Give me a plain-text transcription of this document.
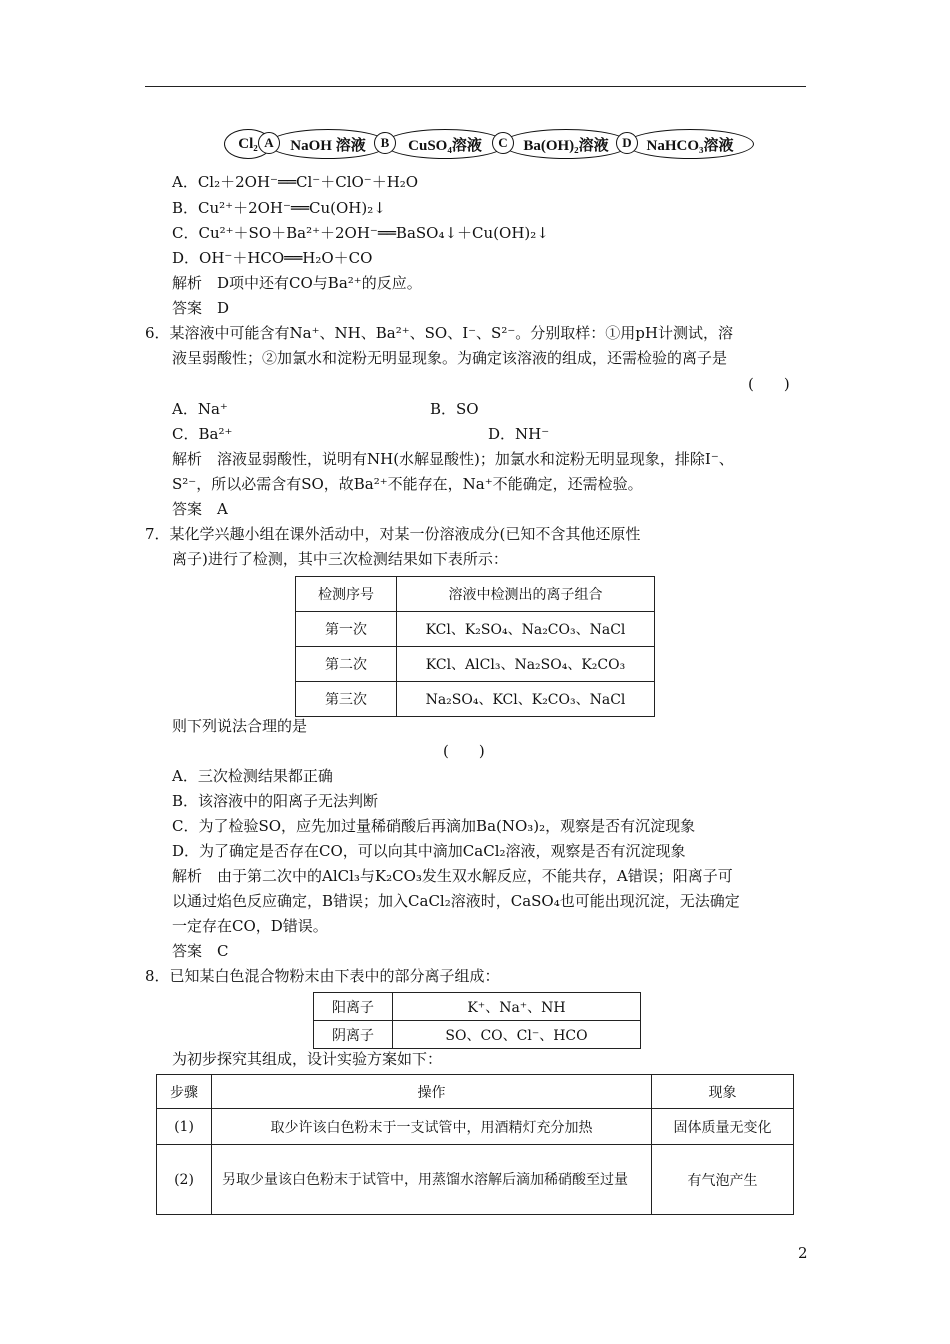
Cl₂	NaOH 溶液	CuSO₄溶液	Ba(OH)₂溶液	NaHCO₃溶液
A	B	C	D
A．Cl₂＋2OH⁻══Cl⁻＋ClO⁻＋H₂O
B．Cu²⁺＋2OH⁻══Cu(OH)₂↓
C．Cu²⁺＋SO＋Ba²⁺＋2OH⁻══BaSO₄↓＋Cu(OH)₂↓
D．OH⁻＋HCO══H₂O＋CO
解析　D项中还有CO与Ba²⁺的反应。
答案　D
6．某溶液中可能含有Na⁺、NH、Ba²⁺、SO、I⁻、S²⁻。分别取样：①用pH计测试，溶
液呈弱酸性；②加氯水和淀粉无明显现象。为确定该溶液的组成，还需检验的离子是
(　　)
A．Na⁺	B．SO
C．Ba²⁺	D．NH⁻
解析　溶液显弱酸性，说明有NH(水解显酸性)；加氯水和淀粉无明显现象，排除I⁻、
S²⁻，所以必需含有SO，故Ba²⁺不能存在，Na⁺不能确定，还需检验。
答案　A
7．某化学兴趣小组在课外活动中，对某一份溶液成分(已知不含其他还原性
离子)进行了检测，其中三次检测结果如下表所示：
检测序号	溶液中检测出的离子组合
第一次	KCl、K₂SO₄、Na₂CO₃、NaCl
第二次	KCl、AlCl₃、Na₂SO₄、K₂CO₃
第三次	Na₂SO₄、KCl、K₂CO₃、NaCl
则下列说法合理的是
(　　)
A．三次检测结果都正确
B．该溶液中的阳离子无法判断
C．为了检验SO，应先加过量稀硝酸后再滴加Ba(NO₃)₂，观察是否有沉淀现象
D．为了确定是否存在CO，可以向其中滴加CaCl₂溶液，观察是否有沉淀现象
解析　由于第二次中的AlCl₃与K₂CO₃发生双水解反应，不能共存，A错误；阳离子可
以通过焰色反应确定，B错误；加入CaCl₂溶液时，CaSO₄也可能出现沉淀，无法确定
一定存在CO，D错误。
答案　C
8．已知某白色混合物粉末由下表中的部分离子组成：
阳离子	K⁺、Na⁺、NH
阴离子	SO、CO、Cl⁻、HCO
为初步探究其组成，设计实验方案如下：
步骤	操作	现象
(1)	取少许该白色粉末于一支试管中，用酒精灯充分加热	固体质量无变化
(2)	另取少量该白色粉末于试管中，用蒸馏水溶解后滴加稀硝酸至过量	有气泡产生
2
